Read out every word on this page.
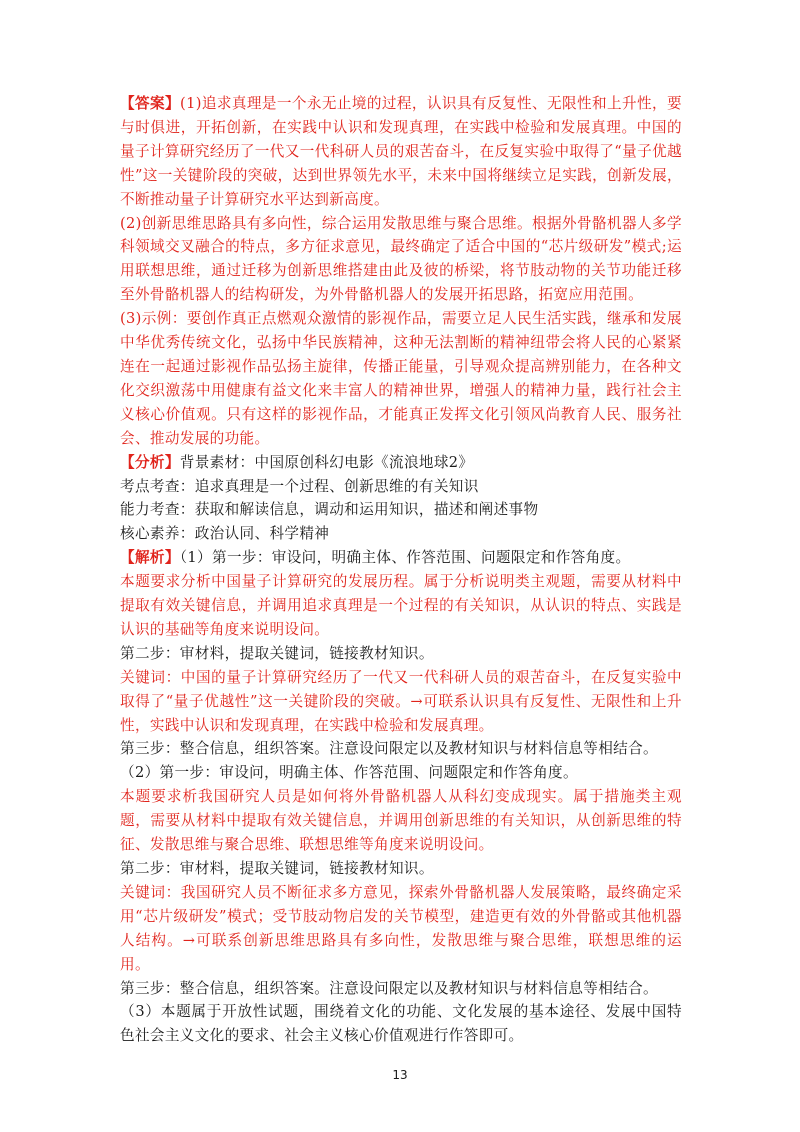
【答案】(1)追求真理是一个永无止境的过程，认识具有反复性、无限性和上升性，要与时俱进，开拓创新，在实践中认识和发现真理，在实践中检验和发展真理。中国的量子计算研究经历了一代又一代科研人员的艰苦奋斗，在反复实验中取得了“量子优越性”这一关键阶段的突破，达到世界领先水平，未来中国将继续立足实践，创新发展，不断推动量子计算研究水平达到新高度。

(2)创新思维思路具有多向性，综合运用发散思维与聚合思维。根据外骨骼机器人多学科领域交叉融合的特点，多方征求意见，最终确定了适合中国的“芯片级研发”模式;运用联想思维，通过迁移为创新思维搭建由此及彼的桥梁，将节肢动物的关节功能迁移至外骨骼机器人的结构研发，为外骨骼机器人的发展开拓思路，拓宽应用范围。

(3)示例：要创作真正点燃观众激情的影视作品，需要立足人民生活实践，继承和发展中华优秀传统文化，弘扬中华民族精神，这种无法割断的精神纽带会将人民的心紧紧连在一起通过影视作品弘扬主旋律，传播正能量，引导观众提高辨别能力，在各种文化交织激荡中用健康有益文化来丰富人的精神世界，增强人的精神力量，践行社会主义核心价值观。只有这样的影视作品，才能真正发挥文化引领风尚教育人民、服务社会、推动发展的功能。

【分析】背景素材：中国原创科幻电影《流浪地球2》

考点考查：追求真理是一个过程、创新思维的有关知识

能力考查：获取和解读信息，调动和运用知识，描述和阐述事物

核心素养：政治认同、科学精神

【解析】（1）第一步：审设问，明确主体、作答范围、问题限定和作答角度。

本题要求分析中国量子计算研究的发展历程。属于分析说明类主观题，需要从材料中提取有效关键信息，并调用追求真理是一个过程的有关知识，从认识的特点、实践是认识的基础等角度来说明设问。

第二步：审材料，提取关键词，链接教材知识。

关键词：中国的量子计算研究经历了一代又一代科研人员的艰苦奋斗，在反复实验中取得了“量子优越性”这一关键阶段的突破。→可联系认识具有反复性、无限性和上升性，实践中认识和发现真理，在实践中检验和发展真理。

第三步：整合信息，组织答案。注意设问限定以及教材知识与材料信息等相结合。

（2）第一步：审设问，明确主体、作答范围、问题限定和作答角度。

本题要求析我国研究人员是如何将外骨骼机器人从科幻变成现实。属于措施类主观题，需要从材料中提取有效关键信息，并调用创新思维的有关知识，从创新思维的特征、发散思维与聚合思维、联想思维等角度来说明设问。

第二步：审材料，提取关键词，链接教材知识。

关键词：我国研究人员不断征求多方意见，探索外骨骼机器人发展策略，最终确定采用“芯片级研发”模式；受节肢动物启发的关节模型，建造更有效的外骨骼或其他机器人结构。→可联系创新思维思路具有多向性，发散思维与聚合思维，联想思维的运用。

第三步：整合信息，组织答案。注意设问限定以及教材知识与材料信息等相结合。

（3）本题属于开放性试题，围绕着文化的功能、文化发展的基本途径、发展中国特色社会主义文化的要求、社会主义核心价值观进行作答即可。

13
